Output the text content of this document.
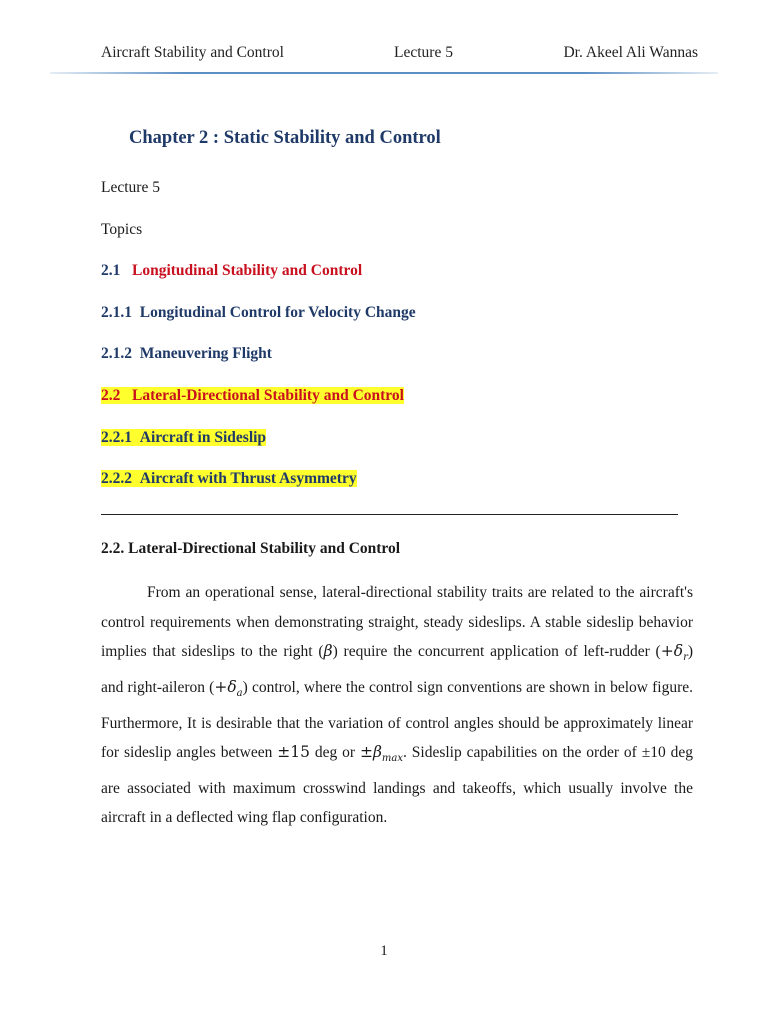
Aircraft Stability and Control	Lecture 5	Dr. Akeel Ali Wannas
Chapter 2 : Static Stability and Control
Lecture 5
Topics
2.1 Longitudinal Stability and Control
2.1.1 Longitudinal Control for Velocity Change
2.1.2 Maneuvering Flight
2.2 Lateral-Directional Stability and Control
2.2.1 Aircraft in Sideslip
2.2.2 Aircraft with Thrust Asymmetry
2.2. Lateral-Directional Stability and Control
From an operational sense, lateral-directional stability traits are related to the aircraft's control requirements when demonstrating straight, steady sideslips. A stable sideslip behavior implies that sideslips to the right (β) require the concurrent application of left-rudder $(+\delta_r)$ and right-aileron $(+\delta_a)$ control, where the control sign conventions are shown in below figure. Furthermore, It is desirable that the variation of control angles should be approximately linear for sideslip angles between ±15 deg or $\pm\beta_{max}$. Sideslip capabilities on the order of ±10 deg are associated with maximum crosswind landings and takeoffs, which usually involve the aircraft in a deflected wing flap configuration.
1
